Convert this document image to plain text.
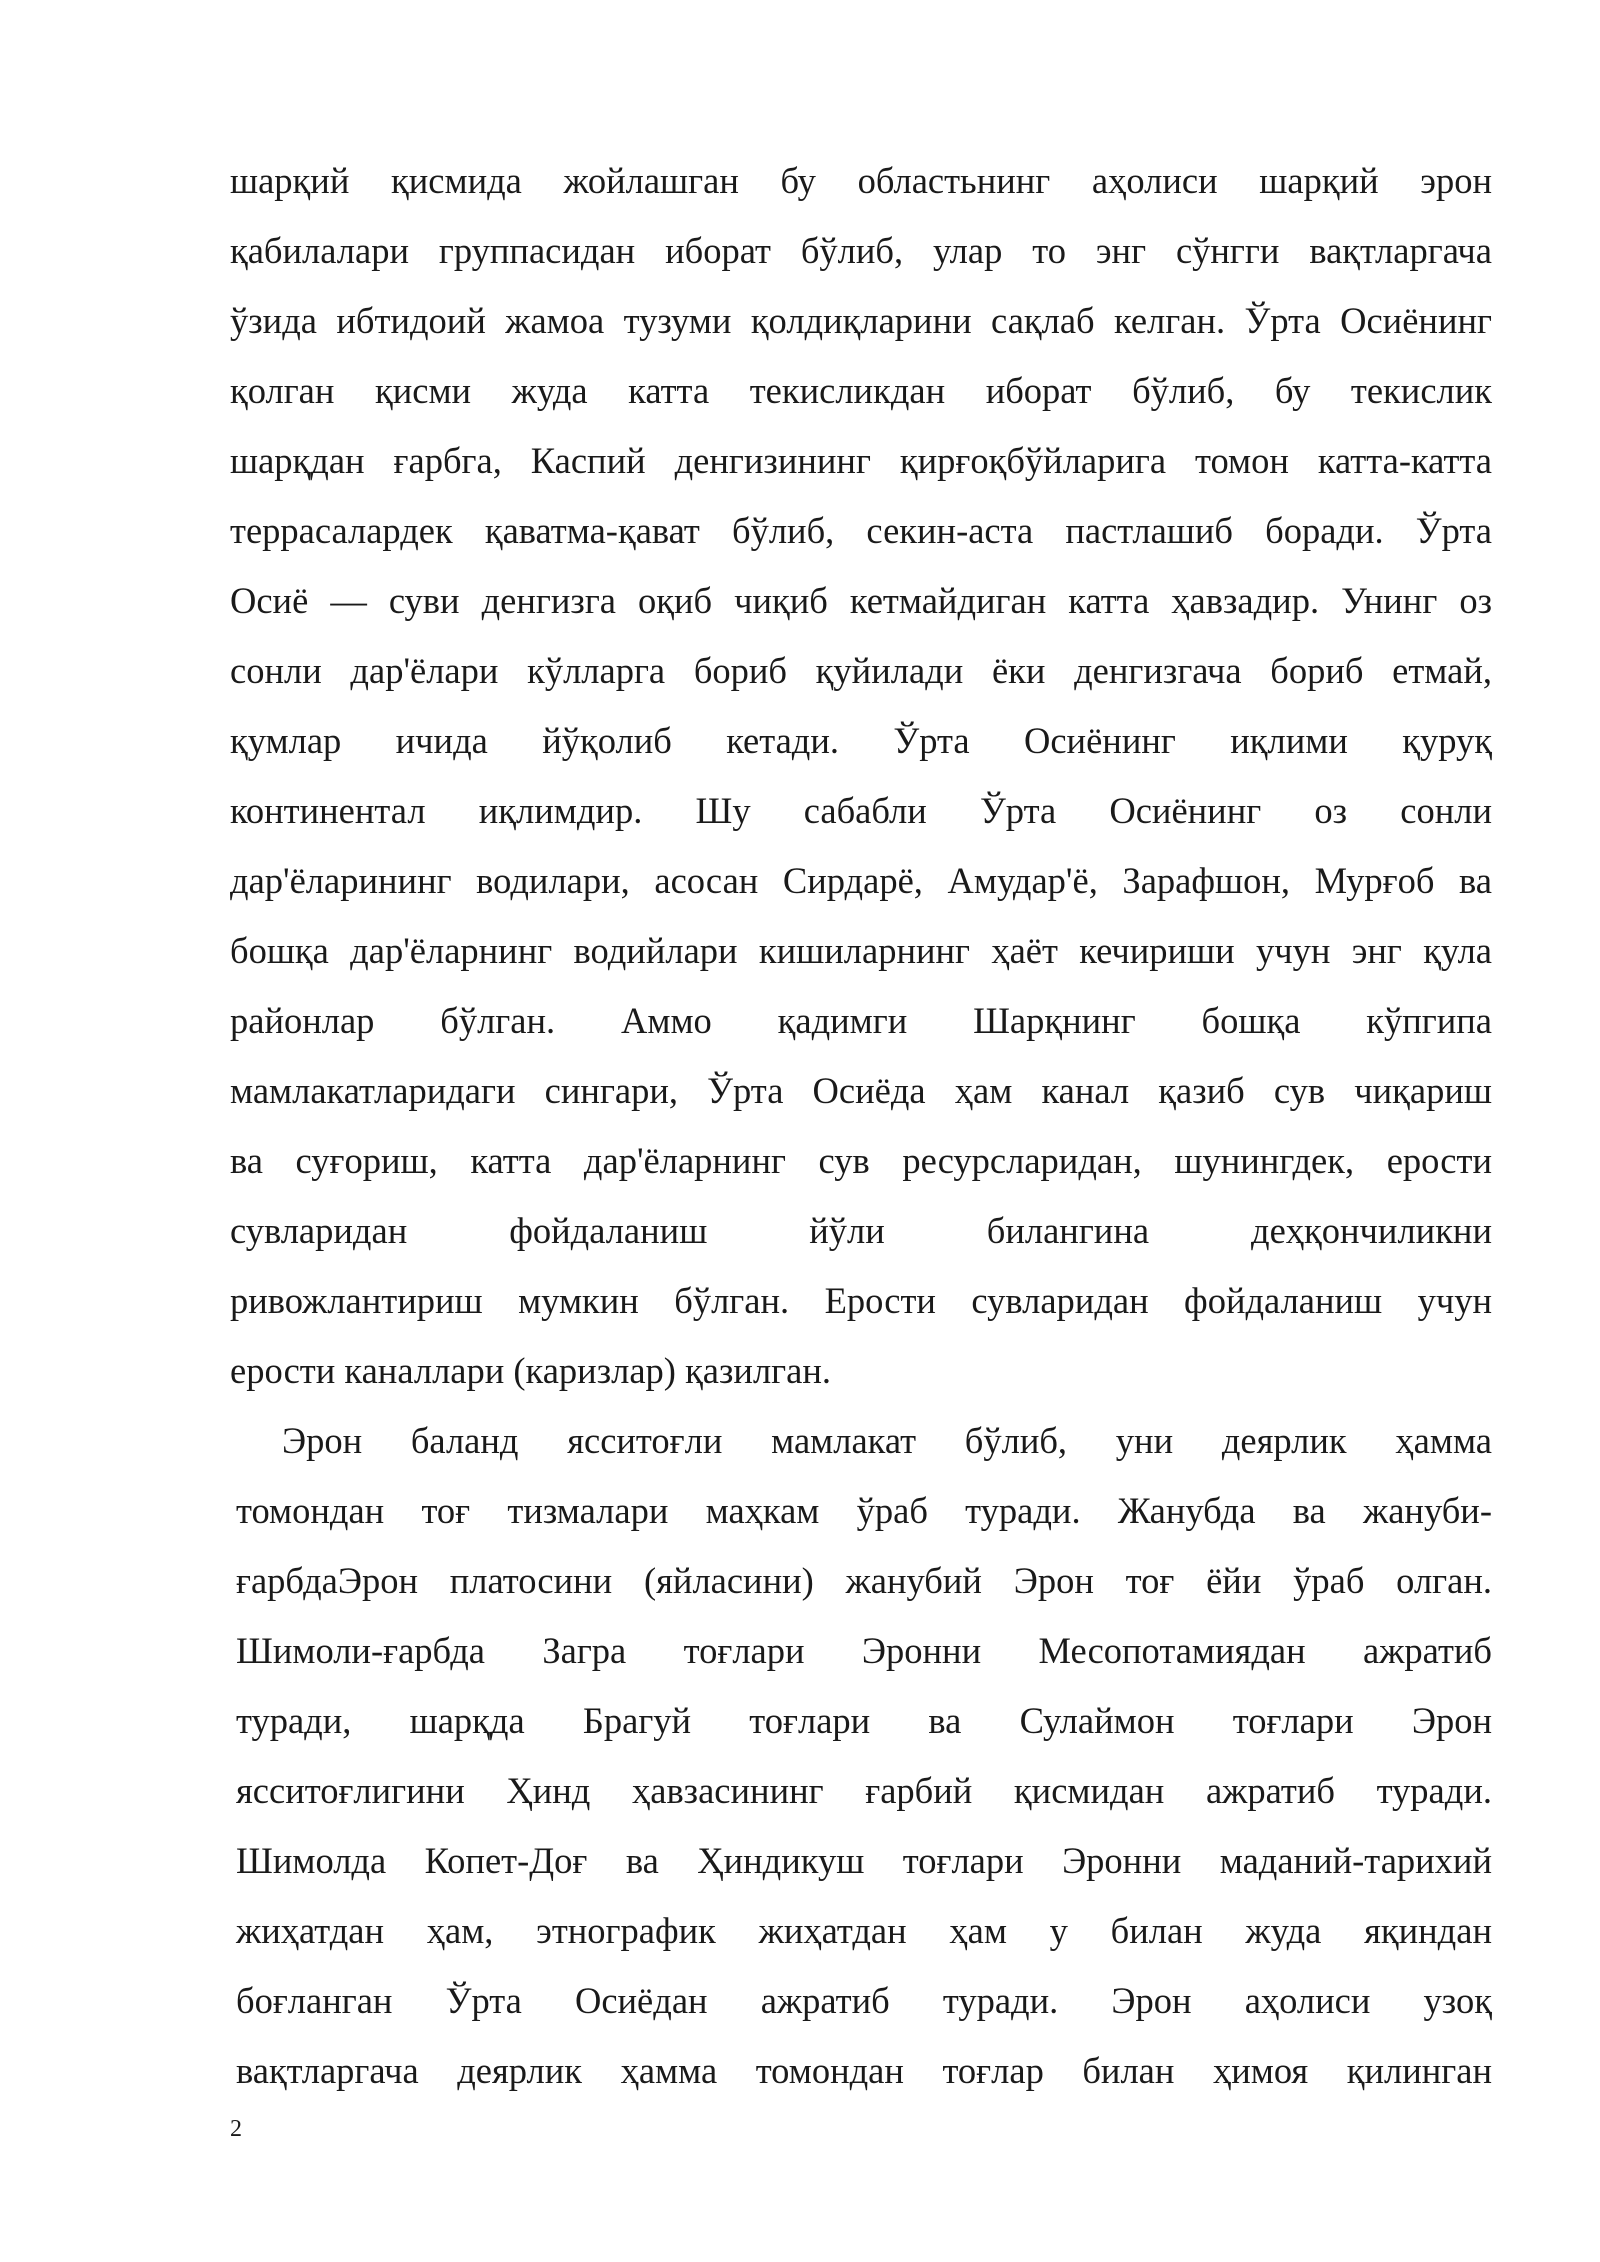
шарқий қисмида жойлашган бу областьнинг аҳолиси шарқий эрон
қабилалари группасидан иборат бўлиб, улар то энг сўнгги вақтларгача
ўзида ибтидоий жамоа тузуми қолдиқларини сақлаб келган. Ўрта Осиёнинг
қолган қисми жуда катта текисликдан иборат бўлиб, бу текислик
шарқдан ғарбга, Каспий денгизининг қирғоқбўйларига томон катта-катта
террасалардек қаватма-қават бўлиб, секин-аста пастлашиб боради. Ўрта
Осиё — суви денгизга оқиб чиқиб кетмайдиган катта ҳавзадир. Унинг оз
сонли дар'ёлари кўлларга бориб қуйилади ёки денгизгача бориб етмай,
қумлар ичида йўқолиб кетади. Ўрта Осиёнинг иқлими қуруқ
континентал иқлимдир. Шу сабабли Ўрта Осиёнинг оз сонли
дар'ёларининг водилари, асосан Сирдарё, Амудар'ё, Зарафшон, Мурғоб ва
бошқа дар'ёларнинг водийлари кишиларнинг ҳаёт кечириши учун энг қула
районлар бўлган. Аммо қадимги Шарқнинг бошқа кўпгипа
мамлакатларидаги сингари, Ўрта Осиёда ҳам канал қазиб сув чиқариш
ва суғориш, катта дар'ёларнинг сув ресурсларидан, шунингдек, ерости
сувларидан фойдаланиш йўли билангина деҳқончиликни
ривожлантириш мумкин бўлган. Ерости сувларидан фойдаланиш учун
ерости каналлари (каризлар) қазилган.
Эрон баланд ясситоғли мамлакат бўлиб, уни деярлик ҳамма
томондан тоғ тизмалари маҳкам ўраб туради. Жанубда ва жануби-
ғарбдаЭрон платосини (яйласини) жанубий Эрон тоғ ёйи ўраб олган.
Шимоли-ғарбда Загра тоғлари Эронни Месопотамиядан ажратиб
туради, шарқда Брагуй тоғлари ва Сулаймон тоғлари Эрон
ясситоғлигини Ҳинд ҳавзасининг ғарбий қисмидан ажратиб туради.
Шимолда Копет-Доғ ва Ҳиндикуш тоғлари Эронни маданий-тарихий
жиҳатдан ҳам, этнографик жиҳатдан ҳам у билан жуда яқиндан
боғланган Ўрта Осиёдан ажратиб туради. Эрон аҳолиси узоқ
вақтларгача деярлик ҳамма томондан тоғлар билан ҳимоя қилинган
2
